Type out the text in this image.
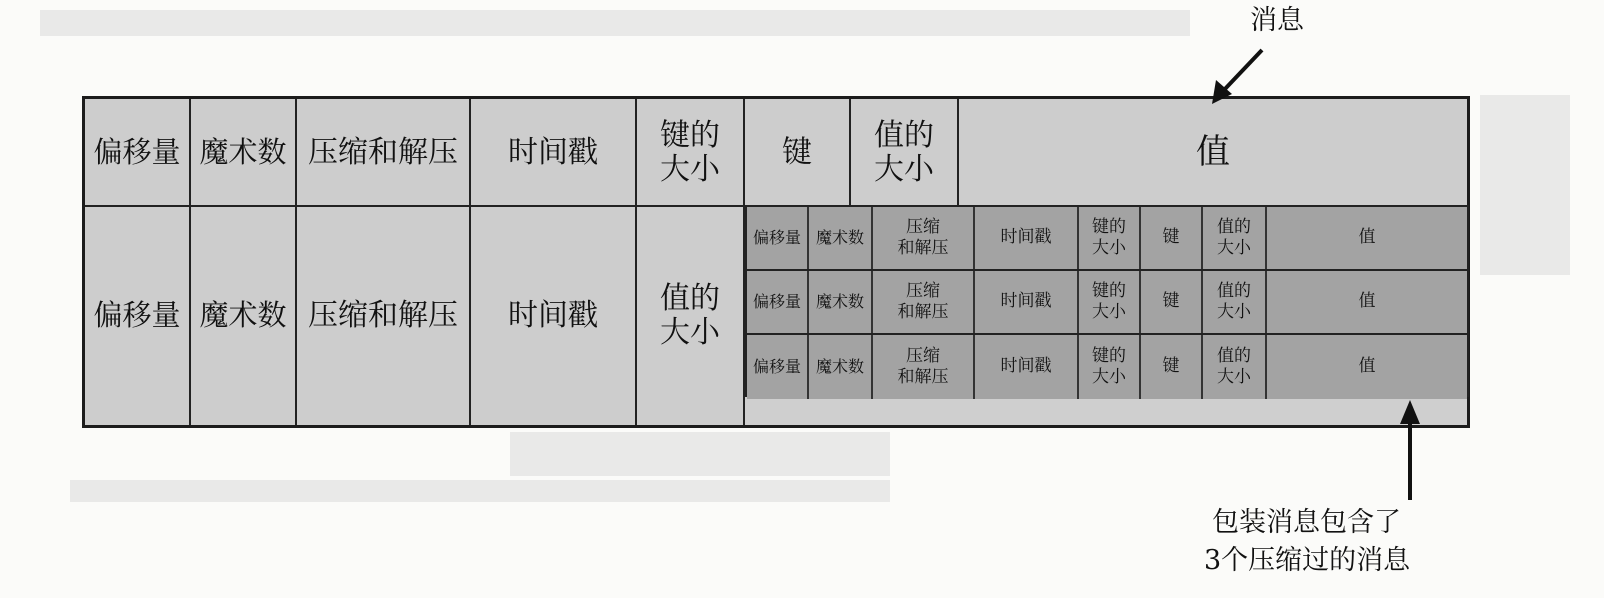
偏移量 魔术数 压缩和解压 时间戳 键的
大小 键 值的
大小	值
偏移量 魔术数 压缩和解压 时间戳 值的
大小
偏移量 魔术数
压缩
和解压
时间戳
键的
大小
键
值的
大小
值
偏移量 魔术数
压缩
和解压
时间戳
键的
大小
键
值的
大小
值
偏移量 魔术数
压缩
和解压
时间戳
键的
大小
键
值的
大小
值
消息
包装消息包含了
3个压缩过的消息
